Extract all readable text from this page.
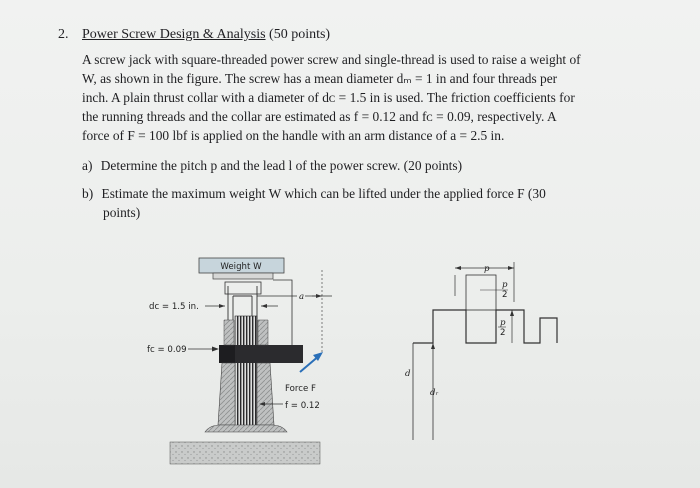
2. Power Screw Design & Analysis (50 points)
A screw jack with square-threaded power screw and single-thread is used to raise a weight of
W, as shown in the figure. The screw has a mean diameter dₘ = 1 in and four threads per
inch. A plain thrust collar with a diameter of dᴄ = 1.5 in is used. The friction coefficients for
the running threads and the collar are estimated as f = 0.12 and fᴄ = 0.09, respectively. A
force of F = 100 lbf is applied on the handle with an arm distance of a = 2.5 in.
a) Determine the pitch p and the lead l of the power screw. (20 points)
b) Estimate the maximum weight W which can be lifted under the applied force F (30
points)
Weight W
a
dᴄ = 1.5 in.
fᴄ = 0.09
Force F
f = 0.12
p
p
2
p
2
d
dᵣ
